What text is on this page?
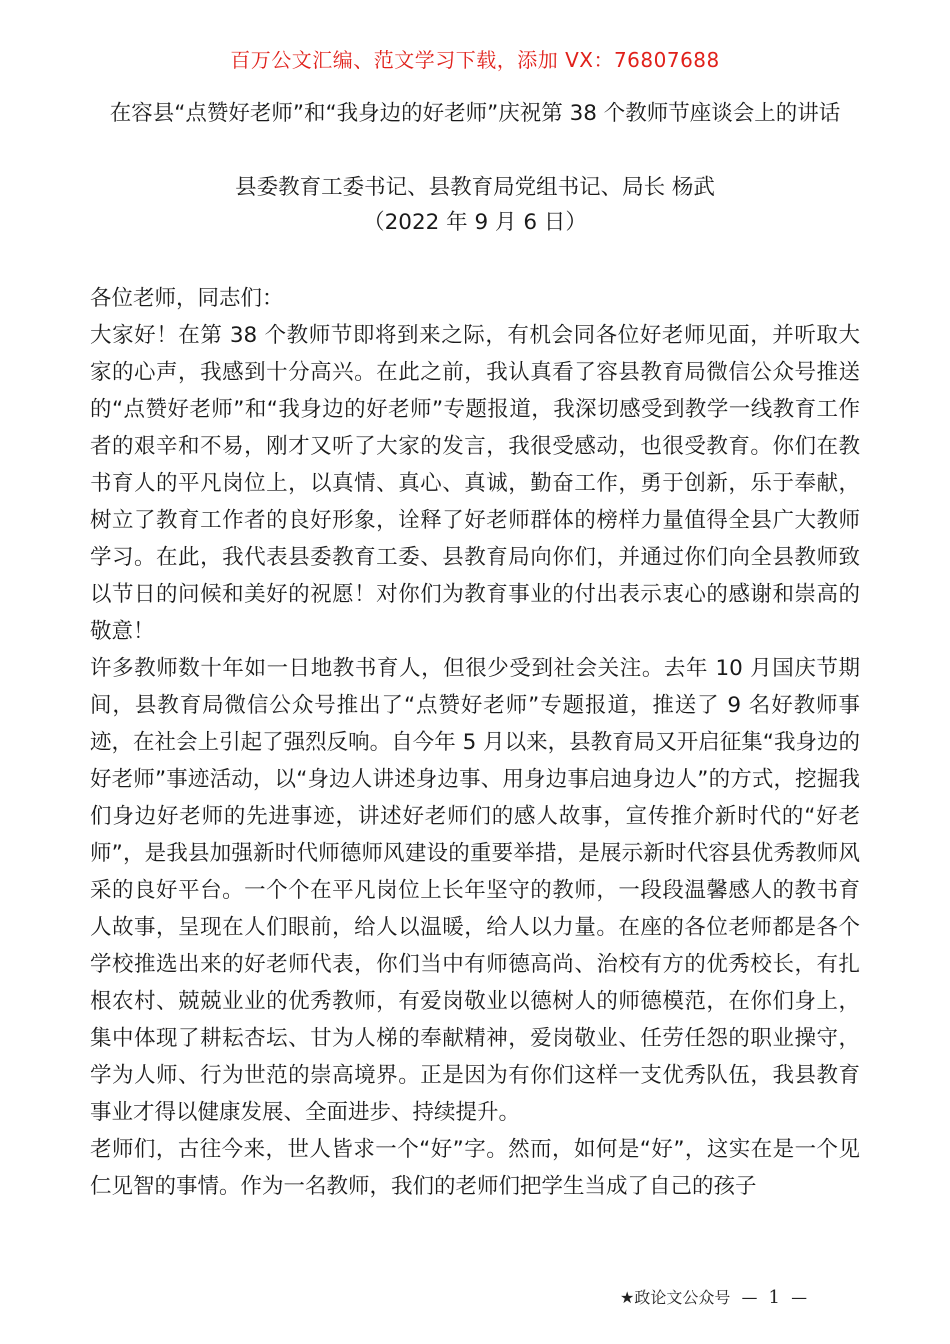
百万公文汇编、范文学习下载，添加 VX：76807688
在容县“点赞好老师”和“我身边的好老师”庆祝第 38 个教师节座谈会上的讲话
县委教育工委书记、县教育局党组书记、局长 杨武
（2022 年 9 月 6 日）

各位老师，同志们：

大家好！在第 38 个教师节即将到来之际，有机会同各位好老师见面，并听取大家的心声，我感到十分高兴。在此之前，我认真看了容县教育局微信公众号推送的“点赞好老师”和“我身边的好老师”专题报道，我深切感受到教学一线教育工作者的艰辛和不易，刚才又听了大家的发言，我很受感动，也很受教育。你们在教书育人的平凡岗位上，以真情、真心、真诚，勤奋工作，勇于创新，乐于奉献，树立了教育工作者的良好形象，诠释了好老师群体的榜样力量值得全县广大教师学习。在此，我代表县委教育工委、县教育局向你们，并通过你们向全县教师致以节日的问候和美好的祝愿！对你们为教育事业的付出表示衷心的感谢和崇高的敬意！

许多教师数十年如一日地教书育人，但很少受到社会关注。去年 10 月国庆节期间，县教育局微信公众号推出了“点赞好老师”专题报道，推送了 9 名好教师事迹，在社会上引起了强烈反响。自今年 5 月以来，县教育局又开启征集“我身边的好老师”事迹活动，以“身边人讲述身边事、用身边事启迪身边人”的方式，挖掘我们身边好老师的先进事迹，讲述好老师们的感人故事，宣传推介新时代的“好老师”，是我县加强新时代师德师风建设的重要举措，是展示新时代容县优秀教师风采的良好平台。一个个在平凡岗位上长年坚守的教师，一段段温馨感人的教书育人故事，呈现在人们眼前，给人以温暖，给人以力量。在座的各位老师都是各个学校推选出来的好老师代表，你们当中有师德高尚、治校有方的优秀校长，有扎根农村、兢兢业业的优秀教师，有爱岗敬业以德树人的师德模范，在你们身上，集中体现了耕耘杏坛、甘为人梯的奉献精神，爱岗敬业、任劳任怨的职业操守，学为人师、行为世范的崇高境界。正是因为有你们这样一支优秀队伍，我县教育事业才得以健康发展、全面进步、持续提升。

老师们，古往今来，世人皆求一个“好”字。然而，如何是“好”，这实在是一个见仁见智的事情。作为一名教师，我们的老师们把学生当成了自己的孩子

★政论文公众号 — 1 —
